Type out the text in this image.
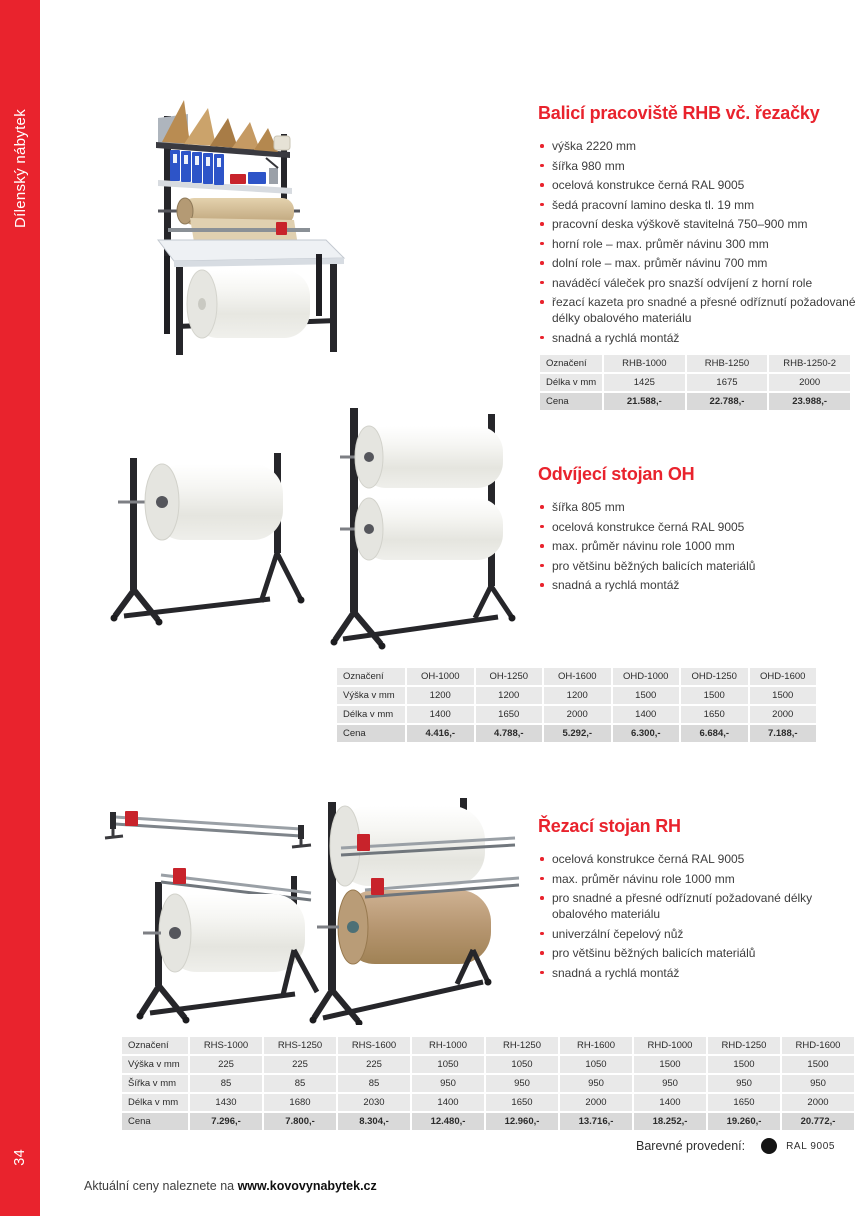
Dílenský nábytek
34
Balicí pracoviště RHB vč. řezačky
výška 2220 mm
šířka 980 mm
ocelová konstrukce černá RAL 9005
šedá pracovní lamino deska tl. 19 mm
pracovní deska výškově stavitelná 750–900 mm
horní role – max. průměr návinu 300 mm
dolní role – max. průměr návinu 700 mm
naváděcí váleček pro snazší odvíjení z horní role
řezací kazeta pro snadné a přesné odříznutí požadované délky obalového materiálu
snadná a rychlá montáž
Označení	RHB-1000	RHB-1250	RHB-1250-2
Délka v mm	1425	1675	2000
Cena	21.588,-	22.788,-	23.988,-
Odvíjecí stojan OH
šířka 805 mm
ocelová konstrukce černá RAL 9005
max. průměr návinu role 1000 mm
pro většinu běžných balicích materiálů
snadná a rychlá montáž
Označení	OH-1000	OH-1250	OH-1600	OHD-1000	OHD-1250	OHD-1600
Výška v mm	1200	1200	1200	1500	1500	1500
Délka v mm	1400	1650	2000	1400	1650	2000
Cena	4.416,-	4.788,-	5.292,-	6.300,-	6.684,-	7.188,-
Řezací stojan RH
ocelová konstrukce černá RAL 9005
max. průměr návinu role 1000 mm
pro snadné a přesné odříznutí požadované délky obalového materiálu
univerzální čepelový nůž
pro většinu běžných balicích materiálů
snadná a rychlá montáž
Označení	RHS-1000	RHS-1250	RHS-1600	RH-1000	RH-1250	RH-1600	RHD-1000	RHD-1250	RHD-1600
Výška v mm	225	225	225	1050	1050	1050	1500	1500	1500
Šířka v mm	85	85	85	950	950	950	950	950	950
Délka v mm	1430	1680	2030	1400	1650	2000	1400	1650	2000
Cena	7.296,-	7.800,-	8.304,-	12.480,-	12.960,-	13.716,-	18.252,-	19.260,-	20.772,-
Barevné provedení:	RAL 9005
Aktuální ceny naleznete na www.kovovynabytek.cz
